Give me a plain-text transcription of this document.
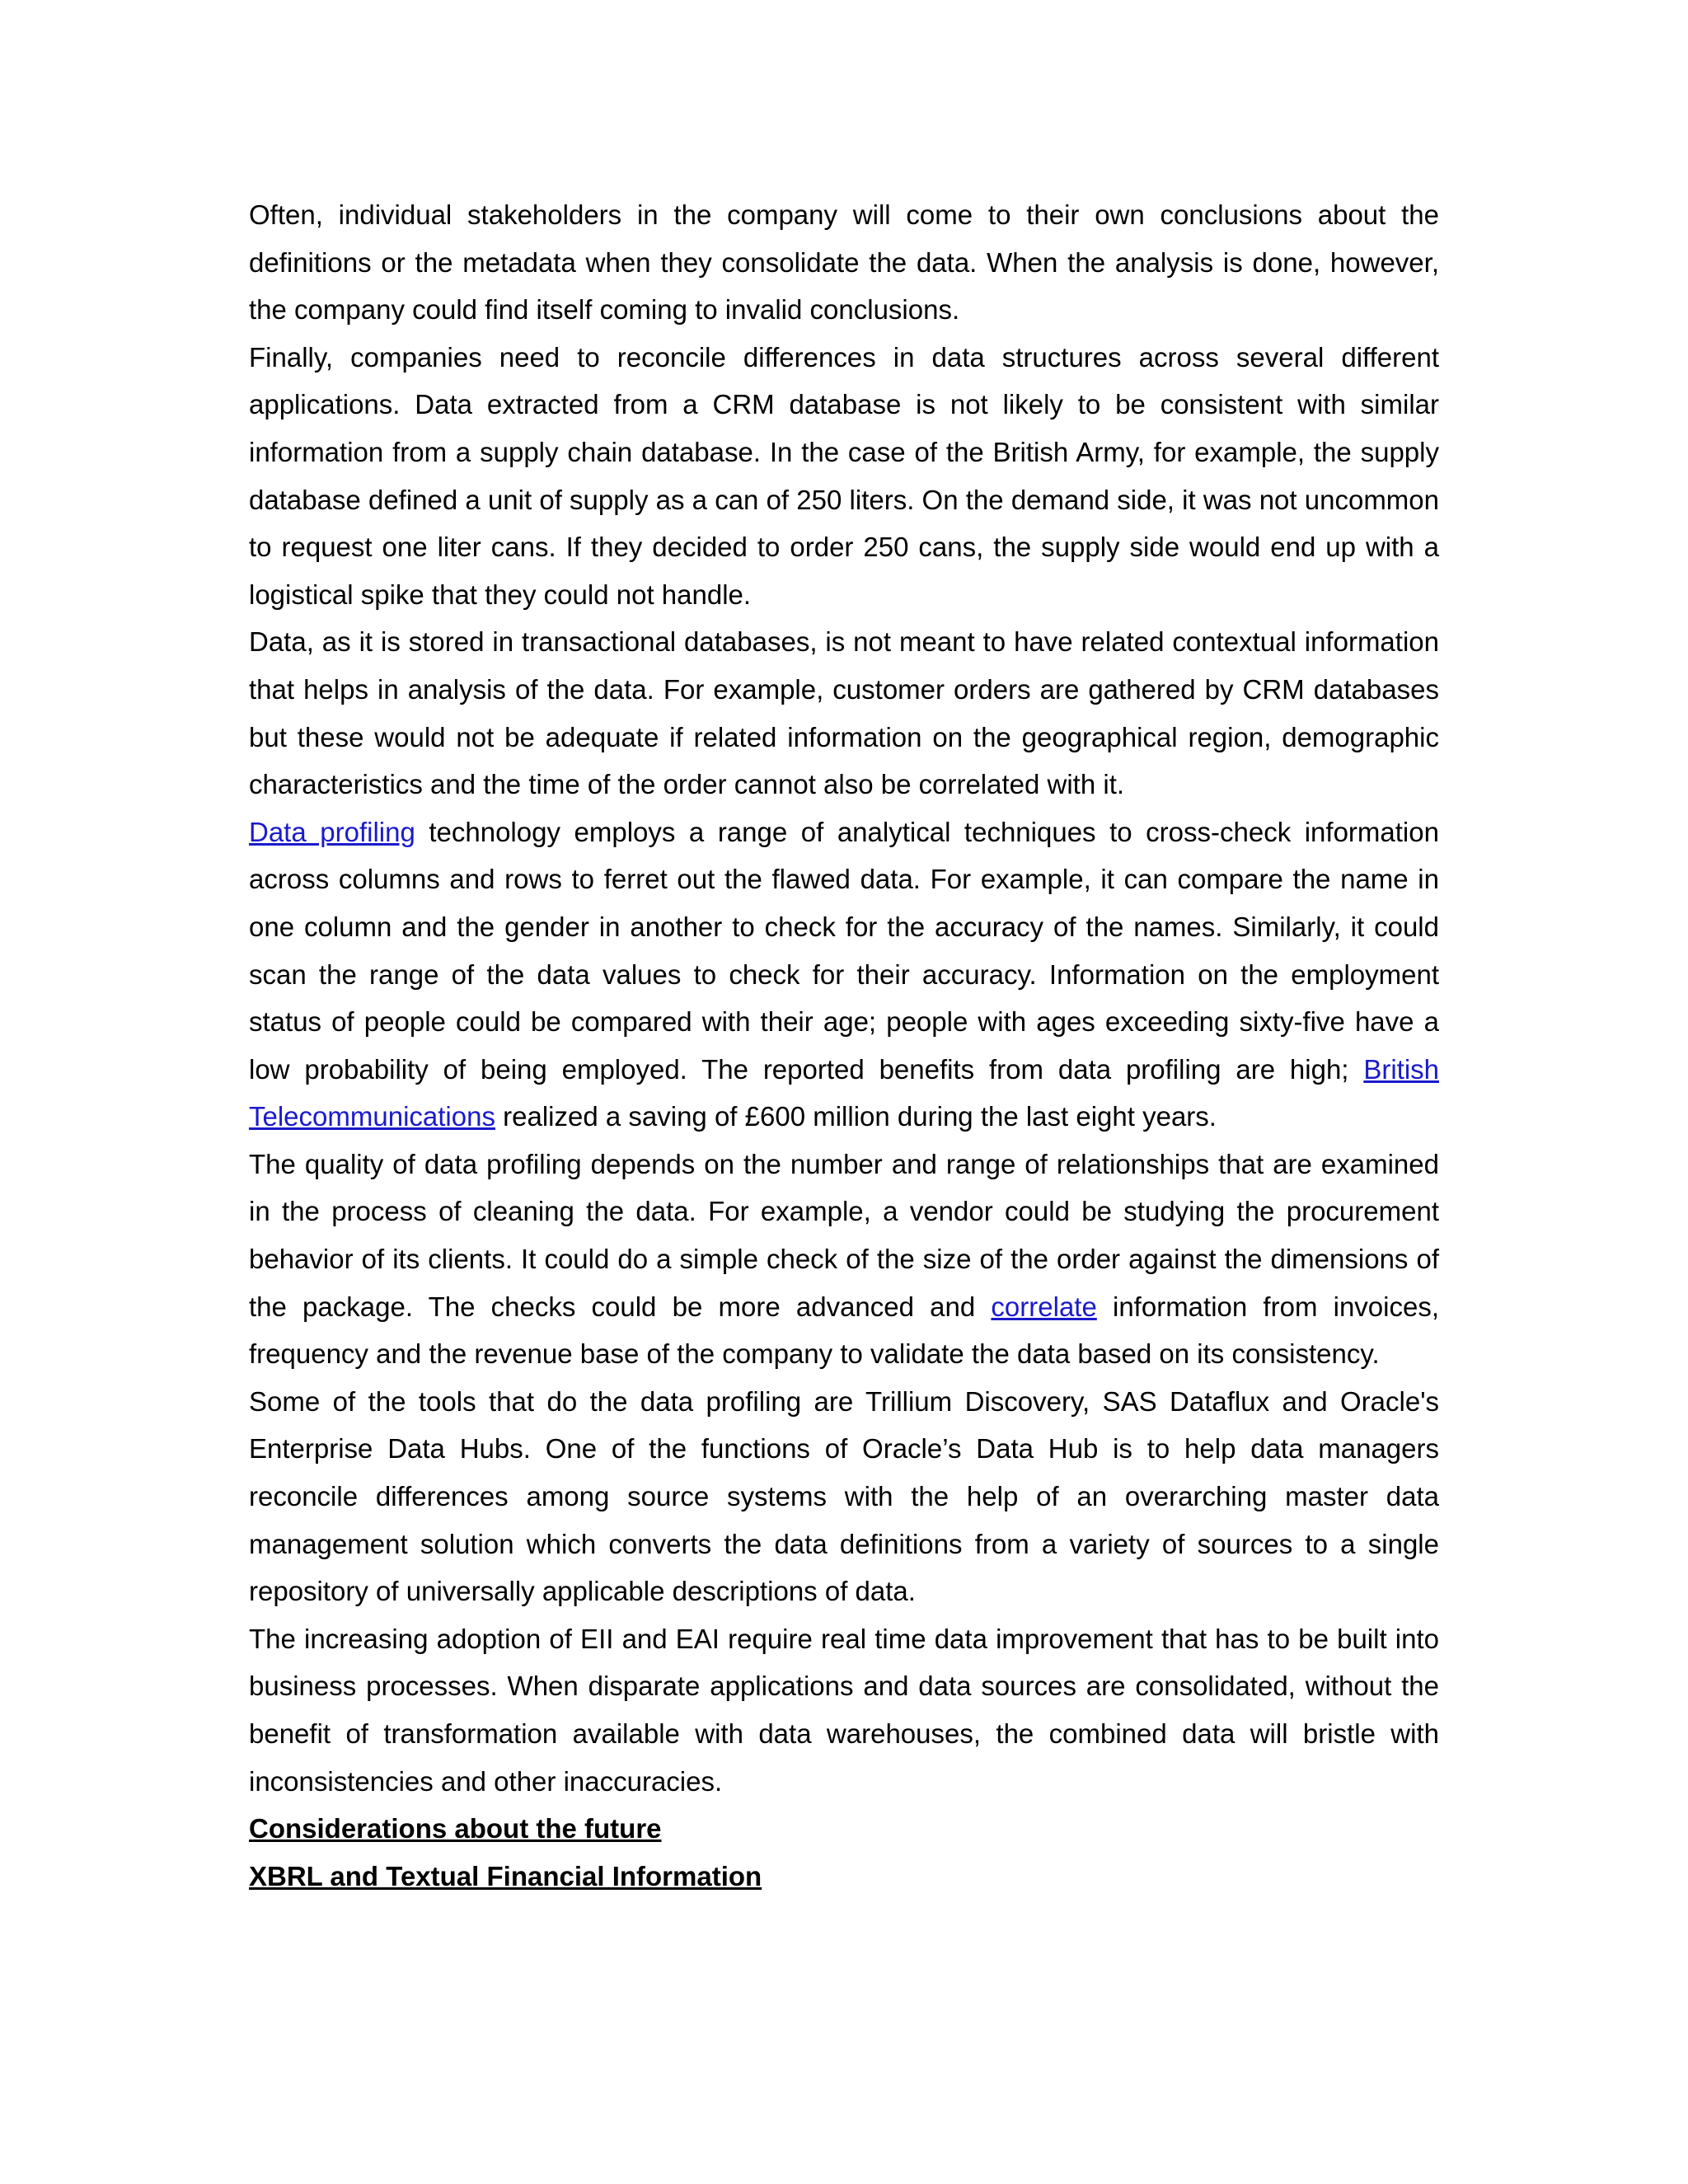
Often, individual stakeholders in the company will come to their own conclusions about the definitions or the metadata when they consolidate the data. When the analysis is done, however, the company could find itself coming to invalid conclusions.

Finally, companies need to reconcile differences in data structures across several different applications. Data extracted from a CRM database is not likely to be consistent with similar information from a supply chain database. In the case of the British Army, for example, the supply database defined a unit of supply as a can of 250 liters. On the demand side, it was not uncommon to request one liter cans. If they decided to order 250 cans, the supply side would end up with a logistical spike that they could not handle.

Data, as it is stored in transactional databases, is not meant to have related contextual information that helps in analysis of the data. For example, customer orders are gathered by CRM databases but these would not be adequate if related information on the geographical region, demographic characteristics and the time of the order cannot also be correlated with it.

Data profiling technology employs a range of analytical techniques to cross-check information across columns and rows to ferret out the flawed data. For example, it can compare the name in one column and the gender in another to check for the accuracy of the names. Similarly, it could scan the range of the data values to check for their accuracy. Information on the employment status of people could be compared with their age; people with ages exceeding sixty-five have a low probability of being employed. The reported benefits from data profiling are high; British Telecommunications realized a saving of £600 million during the last eight years.

The quality of data profiling depends on the number and range of relationships that are examined in the process of cleaning the data. For example, a vendor could be studying the procurement behavior of its clients. It could do a simple check of the size of the order against the dimensions of the package. The checks could be more advanced and correlate information from invoices, frequency and the revenue base of the company to validate the data based on its consistency.

Some of the tools that do the data profiling are Trillium Discovery, SAS Dataflux and Oracle's Enterprise Data Hubs. One of the functions of Oracle’s Data Hub is to help data managers reconcile differences among source systems with the help of an overarching master data management solution which converts the data definitions from a variety of sources to a single repository of universally applicable descriptions of data.

The increasing adoption of EII and EAI require real time data improvement that has to be built into business processes. When disparate applications and data sources are consolidated, without the benefit of transformation available with data warehouses, the combined data will bristle with inconsistencies and other inaccuracies.

Considerations about the future

XBRL and Textual Financial Information
